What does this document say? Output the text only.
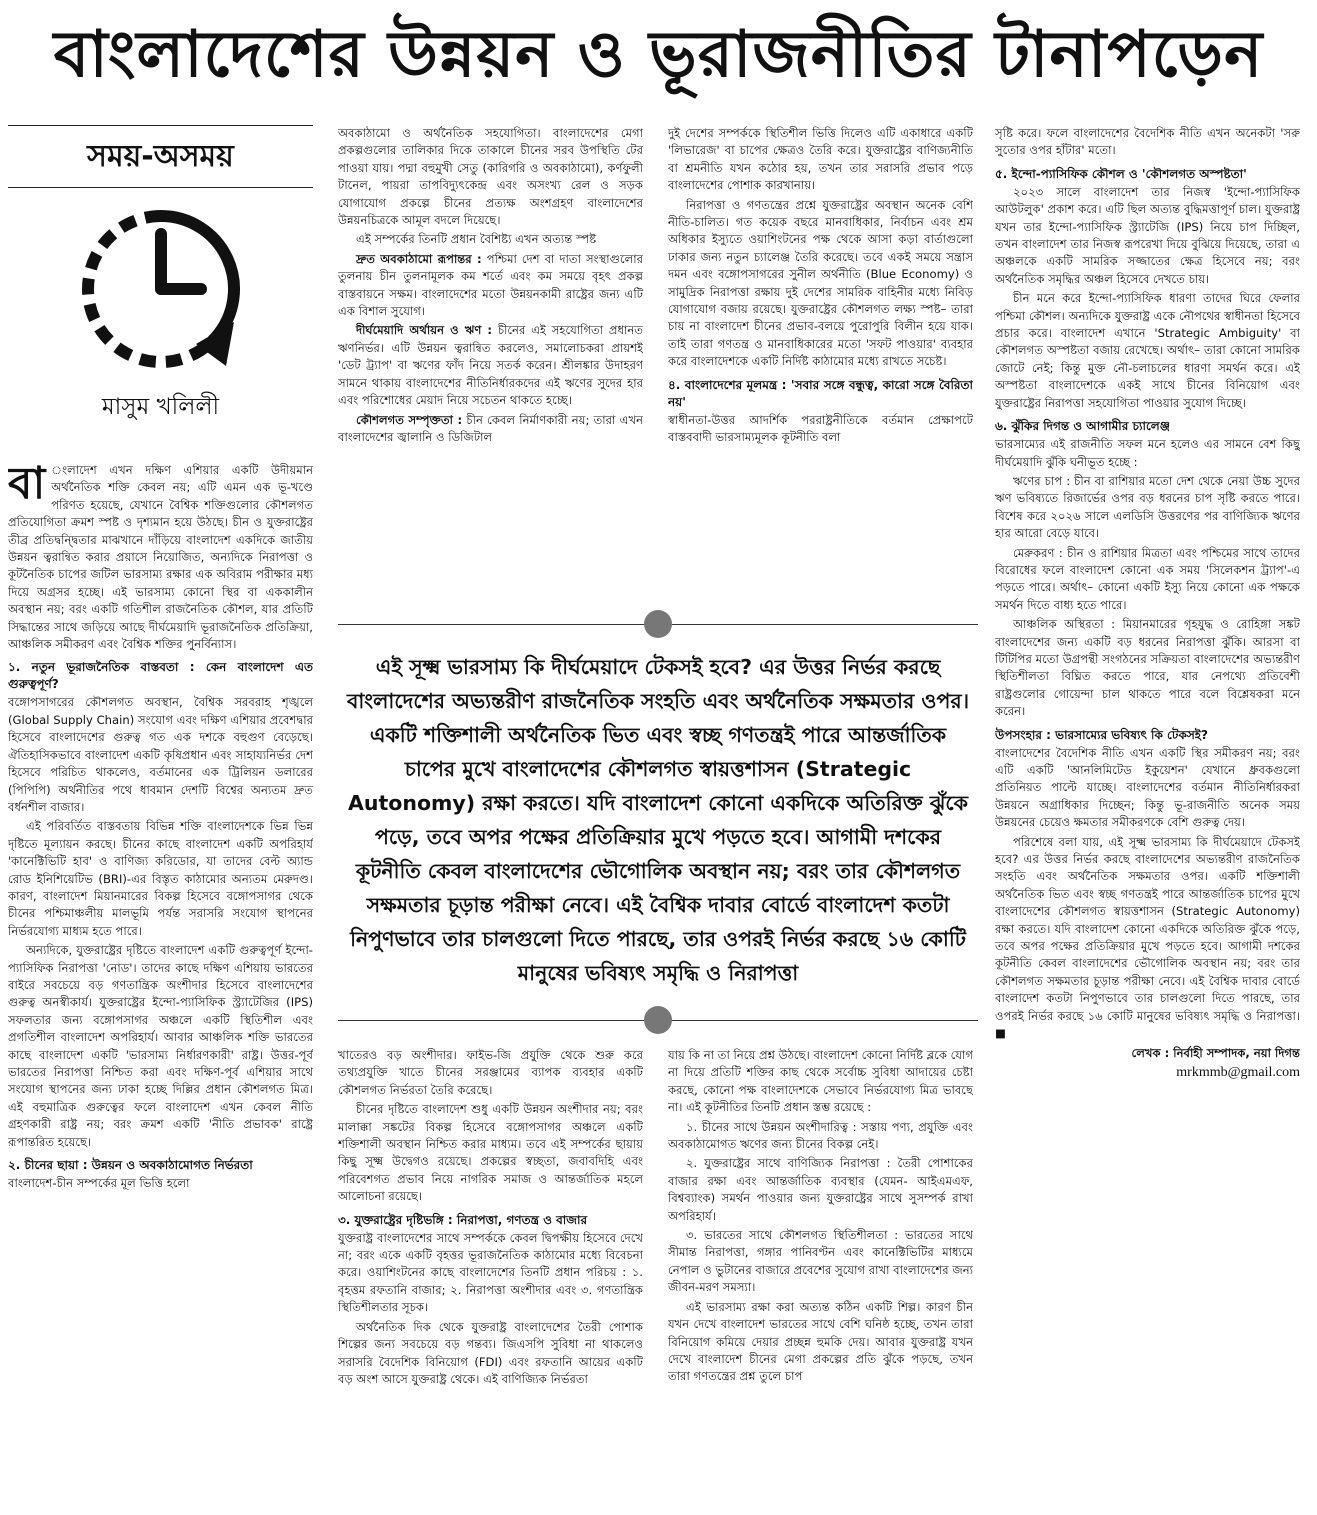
বাংলাদেশের উন্নয়ন ও ভূরাজনীতির টানাপড়েন
সময়-অসময়
মাসুম খলিলী

বা ংলাদেশ এখন দক্ষিণ এশিয়ার একটি উদীয়মান অর্থনৈতিক শক্তি কেবল নয়; এটি এমন এক ভূ-খণ্ডে পরিণত হয়েছে, যেখানে বৈশ্বিক শক্তিগুলোর কৌশলগত প্রতিযোগিতা ক্রমশ স্পষ্ট ও দৃশ্যমান হয়ে উঠছে। চীন ও যুক্তরাষ্ট্রের তীব্র প্রতিদ্বন্দ্বিতার মাঝখানে দাঁড়িয়ে বাংলাদেশ একদিকে জাতীয় উন্নয়ন ত্বরান্বিত করার প্রয়াসে নিয়োজিত, অন্যদিকে নিরাপত্তা ও কূটনৈতিক চাপের জটিল ভারসাম্য রক্ষার এক অবিরাম পরীক্ষার মধ্য দিয়ে অগ্রসর হচ্ছে। এই ভারসাম্য কোনো স্থির বা এককালীন অবস্থান নয়; বরং একটি গতিশীল রাজনৈতিক কৌশল, যার প্রতিটি সিদ্ধান্তের সাথে জড়িয়ে আছে দীর্ঘমেয়াদি ভূরাজনৈতিক প্রতিক্রিয়া, আঞ্চলিক সমীকরণ এবং বৈশ্বিক শক্তির পুনর্বিন্যাস।

১. নতুন ভূরাজনৈতিক বাস্তবতা : কেন বাংলাদেশ এত গুরুত্বপূর্ণ?

বঙ্গোপসাগরের কৌশলগত অবস্থান, বৈশ্বিক সরবরাহ শৃঙ্খলে (Global Supply Chain) সংযোগ এবং দক্ষিণ এশিয়ার প্রবেশদ্বার হিসেবে বাংলাদেশের গুরুত্ব গত এক দশকে বহুগুণ বেড়েছে। ঐতিহাসিকভাবে বাংলাদেশ একটি কৃষিপ্রধান এবং সাহায্যনির্ভর দেশ হিসেবে পরিচিত থাকলেও, বর্তমানের এক ট্রিলিয়ন ডলারের (পিপিপি) অর্থনীতির পথে ধাবমান দেশটি বিশ্বের অন্যতম দ্রুত বর্ধনশীল বাজার।

এই পরিবর্তিত বাস্তবতায় বিভিন্ন শক্তি বাংলাদেশকে ভিন্ন ভিন্ন দৃষ্টিতে মূল্যায়ন করছে। চীনের কাছে বাংলাদেশ একটি অপরিহার্য 'কানেক্টিভিটি হাব' ও বাণিজ্য করিডোর, যা তাদের বেল্ট অ্যান্ড রোড ইনিশিয়েটিভ (BRI)-এর বিস্তৃত কাঠামোর অন্যতম মেরুদণ্ড। কারণ, বাংলাদেশ মিয়ানমারের বিকল্প হিসেবে বঙ্গোপসাগর থেকে চীনের পশ্চিমাঞ্চলীয় মালভূমি পর্যন্ত সরাসরি সংযোগ স্থাপনের নির্ভরযোগ্য মাধ্যম হতে পারে।

অন্যদিকে, যুক্তরাষ্ট্রের দৃষ্টিতে বাংলাদেশ একটি গুরুত্বপূর্ণ ইন্দো-প্যাসিফিক নিরাপত্তা 'নোড'। তাদের কাছে দক্ষিণ এশিয়ায় ভারতের বাইরে সবচেয়ে বড় গণতান্ত্রিক অংশীদার হিসেবে বাংলাদেশের গুরুত্ব অনস্বীকার্য। যুক্তরাষ্ট্রের ইন্দো-প্যাসিফিক স্ট্র্যাটেজির (IPS) সফলতার জন্য বঙ্গোপসাগর অঞ্চলে একটি স্থিতিশীল এবং প্রগতিশীল বাংলাদেশ অপরিহার্য। আবার আঞ্চলিক শক্তি ভারতের কাছে বাংলাদেশ একটি 'ভারসাম্য নির্ধারণকারী' রাষ্ট্র। উত্তর-পূর্ব ভারতের নিরাপত্তা নিশ্চিত করা এবং দক্ষিণ-পূর্ব এশিয়ার সাথে সংযোগ স্থাপনের জন্য ঢাকা হচ্ছে দিল্লির প্রধান কৌশলগত মিত্র। এই বহুমাত্রিক গুরুত্বের ফলে বাংলাদেশ এখন কেবল নীতি গ্রহণকারী রাষ্ট্র নয়; বরং ক্রমশ একটি 'নীতি প্রভাবক' রাষ্ট্রে রূপান্তরিত হয়েছে।

২. চীনের ছায়া : উন্নয়ন ও অবকাঠামোগত নির্ভরতা

বাংলাদেশ-চীন সম্পর্কের মূল ভিত্তি হলো

অবকাঠামো ও অর্থনৈতিক সহযোগিতা। বাংলাদেশের মেগা প্রকল্পগুলোর তালিকার দিকে তাকালে চীনের সরব উপস্থিতি টের পাওয়া যায়। পদ্মা বহুমুখী সেতু (কারিগরি ও অবকাঠামো), কর্ণফুলী টানেল, পায়রা তাপবিদ্যুৎকেন্দ্র এবং অসংখ্য রেল ও সড়ক যোগাযোগ প্রকল্পে চীনের প্রত্যক্ষ অংশগ্রহণ বাংলাদেশের উন্নয়নচিত্রকে আমূল বদলে দিয়েছে।

এই সম্পর্কের তিনটি প্রধান বৈশিষ্ট্য এখন অত্যন্ত স্পষ্ট

দ্রুত অবকাঠামো রূপান্তর : পশ্চিমা দেশ বা দাতা সংস্থাগুলোর তুলনায় চীন তুলনামূলক কম শর্তে এবং কম সময়ে বৃহৎ প্রকল্প বাস্তবায়নে সক্ষম। বাংলাদেশের মতো উন্নয়নকামী রাষ্ট্রের জন্য এটি এক বিশাল সুযোগ।

দীর্ঘমেয়াদি অর্থায়ন ও ঋণ : চীনের এই সহযোগিতা প্রধানত ঋণনির্ভর। এটি উন্নয়ন ত্বরান্বিত করলেও, সমালোচকরা প্রায়শই 'ডেট ট্র্যাপ' বা ঋণের ফাঁদ নিয়ে সতর্ক করেন। শ্রীলঙ্কার উদাহরণ সামনে থাকায় বাংলাদেশের নীতিনির্ধারকদের এই ঋণের সুদের হার এবং পরিশোধের মেয়াদ নিয়ে সচেতন থাকতে হচ্ছে।

কৌশলগত সম্পৃক্ততা : চীন কেবল নির্মাণকারী নয়; তারা এখন বাংলাদেশের জ্বালানি ও ডিজিটাল

দুই দেশের সম্পর্ককে স্থিতিশীল ভিত্তি দিলেও এটি একাধারে একটি 'লিভারেজ' বা চাপের ক্ষেত্রও তৈরি করে। যুক্তরাষ্ট্রের বাণিজ্যনীতি বা শ্রমনীতি যখন কঠোর হয়, তখন তার সরাসরি প্রভাব পড়ে বাংলাদেশের পোশাক কারখানায়।

নিরাপত্তা ও গণতন্ত্রের প্রশ্নে যুক্তরাষ্ট্রের অবস্থান অনেক বেশি নীতি-চালিত। গত কয়েক বছরে মানবাধিকার, নির্বাচন এবং শ্রম অধিকার ইস্যুতে ওয়াশিংটনের পক্ষ থেকে আসা কড়া বার্তাগুলো ঢাকার জন্য নতুন চ্যালেঞ্জ তৈরি করেছে। তবে একই সময়ে সন্ত্রাস দমন এবং বঙ্গোপসাগরের সুনীল অর্থনীতি (Blue Economy) ও সামুদ্রিক নিরাপত্তা রক্ষায় দুই দেশের সামরিক বাহিনীর মধ্যে নিবিড় যোগাযোগ বজায় রয়েছে। যুক্তরাষ্ট্রের কৌশলগত লক্ষ্য স্পষ্ট– তারা চায় না বাংলাদেশ চীনের প্রভাব-বলয়ে পুরোপুরি বিলীন হয়ে যাক। তাই তারা গণতন্ত্র ও মানবাধিকারের মতো 'সফট পাওয়ার' ব্যবহার করে বাংলাদেশকে একটি নির্দিষ্ট কাঠামোর মধ্যে রাখতে সচেষ্ট।

৪. বাংলাদেশের মূলমন্ত্র : 'সবার সঙ্গে বন্ধুত্ব, কারো সঙ্গে বৈরিতা নয়'

স্বাধীনতা-উত্তর আদর্শিক পররাষ্ট্রনীতিকে বর্তমান প্রেক্ষাপটে বাস্তববাদী ভারসাম্যমূলক কূটনীতি বলা

এই সূক্ষ্ম ভারসাম্য কি দীর্ঘমেয়াদে টেকসই হবে? এর উত্তর নির্ভর করছে বাংলাদেশের অভ্যন্তরীণ রাজনৈতিক সংহতি এবং অর্থনৈতিক সক্ষমতার ওপর। একটি শক্তিশালী অর্থনৈতিক ভিত এবং স্বচ্ছ গণতন্ত্রই পারে আন্তর্জাতিক চাপের মুখে বাংলাদেশের কৌশলগত স্বায়ত্তশাসন (Strategic Autonomy) রক্ষা করতে। যদি বাংলাদেশ কোনো একদিকে অতিরিক্ত ঝুঁকে পড়ে, তবে অপর পক্ষের প্রতিক্রিয়ার মুখে পড়তে হবে। আগামী দশকের কূটনীতি কেবল বাংলাদেশের ভৌগোলিক অবস্থান নয়; বরং তার কৌশলগত সক্ষমতার চূড়ান্ত পরীক্ষা নেবে। এই বৈশ্বিক দাবার বোর্ডে বাংলাদেশ কতটা নিপুণভাবে তার চালগুলো দিতে পারছে, তার ওপরই নির্ভর করছে ১৬ কোটি মানুষের ভবিষ্যৎ সমৃদ্ধি ও নিরাপত্তা

খাতেরও বড় অংশীদার। ফাইভ-জি প্রযুক্তি থেকে শুরু করে তথ্যপ্রযুক্তি খাতে চীনের সরঞ্জামের ব্যাপক ব্যবহার একটি কৌশলগত নির্ভরতা তৈরি করেছে।

চীনের দৃষ্টিতে বাংলাদেশ শুধু একটি উন্নয়ন অংশীদার নয়; বরং মালাক্কা সঙ্কটের বিকল্প হিসেবে বঙ্গোপসাগর অঞ্চলে একটি শক্তিশালী অবস্থান নিশ্চিত করার মাধ্যম। তবে এই সম্পর্কের ছায়ায় কিছু সূক্ষ্ম উদ্বেগও রয়েছে। প্রকল্পের স্বচ্ছতা, জবাবদিহি এবং পরিবেশগত প্রভাব নিয়ে নাগরিক সমাজ ও আন্তর্জাতিক মহলে আলোচনা রয়েছে।

৩. যুক্তরাষ্ট্রের দৃষ্টিভঙ্গি : নিরাপত্তা, গণতন্ত্র ও বাজার

যুক্তরাষ্ট্র বাংলাদেশের সাথে সম্পর্ককে কেবল দ্বিপক্ষীয় হিসেবে দেখে না; বরং একে একটি বৃহত্তর ভূরাজনৈতিক কাঠামোর মধ্যে বিবেচনা করে। ওয়াশিংটনের কাছে বাংলাদেশের তিনটি প্রধান পরিচয় : ১. বৃহত্তম রফতানি বাজার; ২. নিরাপত্তা অংশীদার এবং ৩. গণতান্ত্রিক স্থিতিশীলতার সূচক।

অর্থনৈতিক দিক থেকে যুক্তরাষ্ট্র বাংলাদেশের তৈরী পোশাক শিল্পের জন্য সবচেয়ে বড় গন্তব্য। জিএসপি সুবিধা না থাকলেও সরাসরি বৈদেশিক বিনিয়োগ (FDI) এবং রফতানি আয়ের একটি বড় অংশ আসে যুক্তরাষ্ট্র থেকে। এই বাণিজ্যিক নির্ভরতা

যায় কি না তা নিয়ে প্রশ্ন উঠছে। বাংলাদেশ কোনো নির্দিষ্ট ব্লকে যোগ না দিয়ে প্রতিটি শক্তির কাছ থেকে সর্বোচ্চ সুবিধা আদায়ের চেষ্টা করছে, কোনো পক্ষ বাংলাদেশকে সেভাবে নির্ভরযোগ্য মিত্র ভাবছে না। এই কূটনীতির তিনটি প্রধান স্তম্ভ রয়েছে :

১. চীনের সাথে উন্নয়ন অংশীদারিত্ব : সস্তায় পণ্য, প্রযুক্তি এবং অবকাঠামোগত ঋণের জন্য চীনের বিকল্প নেই।

২. যুক্তরাষ্ট্রের সাথে বাণিজ্যিক নিরাপত্তা : তৈরী পোশাকের বাজার রক্ষা এবং আন্তর্জাতিক ব্যবস্থার (যেমন- আইএমএফ, বিশ্বব্যাংক) সমর্থন পাওয়ার জন্য যুক্তরাষ্ট্রের সাথে সুসম্পর্ক রাখা অপরিহার্য।

৩. ভারতের সাথে কৌশলগত স্থিতিশীলতা : ভারতের সাথে সীমান্ত নিরাপত্তা, গঙ্গার পানিবণ্টন এবং কানেক্টিভিটির মাধ্যমে নেপাল ও ভুটানের বাজারে প্রবেশের সুযোগ রাখা বাংলাদেশের জন্য জীবন-মরণ সমস্যা।

এই ভারসাম্য রক্ষা করা অত্যন্ত কঠিন একটি শিল্প। কারণ চীন যখন দেখে বাংলাদেশ ভারতের সাথে বেশি ঘনিষ্ঠ হচ্ছে, তখন তারা বিনিয়োগ কমিয়ে দেয়ার প্রচ্ছন্ন হুমকি দেয়। আবার যুক্তরাষ্ট্র যখন দেখে বাংলাদেশ চীনের মেগা প্রকল্পের প্রতি ঝুঁকে পড়ছে, তখন তারা গণতন্ত্রের প্রশ্ন তুলে চাপ

সৃষ্টি করে। ফলে বাংলাদেশের বৈদেশিক নীতি এখন অনেকটা 'সরু সুতোর ওপর হাঁটার' মতো।

৫. ইন্দো-প্যাসিফিক কৌশল ও 'কৌশলগত অস্পষ্টতা'

২০২৩ সালে বাংলাদেশ তার নিজস্ব 'ইন্দো-প্যাসিফিক আউটলুক' প্রকাশ করে। এটি ছিল অত্যন্ত বুদ্ধিমত্তাপূর্ণ চাল। যুক্তরাষ্ট্র যখন তার ইন্দো-প্যাসিফিক স্ট্র্যাটেজি (IPS) নিয়ে চাপ দিচ্ছিল, তখন বাংলাদেশ তার নিজস্ব রূপরেখা দিয়ে বুঝিয়ে দিয়েছে, তারা এ অঞ্চলকে একটি সামরিক সজ্জাতের ক্ষেত্র হিসেবে নয়; বরং অর্থনৈতিক সমৃদ্ধির অঞ্চল হিসেবে দেখতে চায়।

চীন মনে করে ইন্দো-প্যাসিফিক ধারণা তাদের ঘিরে ফেলার পশ্চিমা কৌশল। অন্যদিকে যুক্তরাষ্ট্র একে নৌপথের স্বাধীনতা হিসেবে প্রচার করে। বাংলাদেশ এখানে 'Strategic Ambiguity' বা কৌশলগত অস্পষ্টতা বজায় রেখেছে। অর্থাৎ– তারা কোনো সামরিক জোটে নেই; কিন্তু মুক্ত নৌ-চলাচলের ধারণা সমর্থন করে। এই অস্পষ্টতা বাংলাদেশকে একই সাথে চীনের বিনিয়োগ এবং যুক্তরাষ্ট্রের নিরাপত্তা সহযোগিতা পাওয়ার সুযোগ দিচ্ছে।

৬. ঝুঁকির দিগন্ত ও আগামীর চ্যালেঞ্জ

ভারসাম্যের এই রাজনীতি সফল মনে হলেও এর সামনে বেশ কিছু দীর্ঘমেয়াদি ঝুঁকি ঘনীভূত হচ্ছে :

ঋণের চাপ : চীন বা রাশিয়ার মতো দেশ থেকে নেয়া উচ্চ সুদের ঋণ ভবিষ্যতে রিজার্ভের ওপর বড় ধরনের চাপ সৃষ্টি করতে পারে। বিশেষ করে ২০২৬ সালে এলডিসি উত্তরণের পর বাণিজ্যিক ঋণের হার আরো বেড়ে যাবে।

মেরুকরণ : চীন ও রাশিয়ার মিত্রতা এবং পশ্চিমের সাথে তাদের বিরোধের ফলে বাংলাদেশ কোনো এক সময় 'সিলেকশন ট্র্যাপ'-এ পড়তে পারে। অর্থাৎ– কোনো একটি ইস্যু নিয়ে কোনো এক পক্ষকে সমর্থন দিতে বাধ্য হতে পারে।

আঞ্চলিক অস্থিরতা : মিয়ানমারের গৃহযুদ্ধ ও রোহিঙ্গা সঙ্কট বাংলাদেশের জন্য একটি বড় ধরনের নিরাপত্তা ঝুঁকি। আরসা বা টিটিপির মতো উগ্রপন্থী সংগঠনের সক্রিয়তা বাংলাদেশের অভ্যন্তরীণ স্থিতিশীলতা বিঘ্নিত করতে পারে, যার নেপথ্যে প্রতিবেশী রাষ্ট্রগুলোর গোয়েন্দা চাল থাকতে পারে বলে বিশ্লেষকরা মনে করেন।

উপসংহার : ভারসাম্যের ভবিষ্যৎ কি টেকসই?

বাংলাদেশের বৈদেশিক নীতি এখন একটি স্থির সমীকরণ নয়; বরং এটি একটি 'আনলিমিটেড ইকুয়েশন' যেখানে ধ্রুবকগুলো প্রতিনিয়ত পাল্টে যাচ্ছে। বাংলাদেশের বর্তমান নীতিনির্ধারকরা উন্নয়নে অগ্রাধিকার দিচ্ছেন; কিন্তু ভূ-রাজনীতি অনেক সময় উন্নয়নের চেয়েও ক্ষমতার সমীকরণকে বেশি গুরুত্ব দেয়।

পরিশেষে বলা যায়, এই সূক্ষ্ম ভারসাম্য কি দীর্ঘমেয়াদে টেকসই হবে? এর উত্তর নির্ভর করছে বাংলাদেশের অভ্যন্তরীণ রাজনৈতিক সংহতি এবং অর্থনৈতিক সক্ষমতার ওপর। একটি শক্তিশালী অর্থনৈতিক ভিত এবং স্বচ্ছ গণতন্ত্রই পারে আন্তর্জাতিক চাপের মুখে বাংলাদেশের কৌশলগত স্বায়ত্তশাসন (Strategic Autonomy) রক্ষা করতে। যদি বাংলাদেশ কোনো একদিকে অতিরিক্ত ঝুঁকে পড়ে, তবে অপর পক্ষের প্রতিক্রিয়ার মুখে পড়তে হবে। আগামী দশকের কূটনীতি কেবল বাংলাদেশের ভৌগোলিক অবস্থান নয়; বরং তার কৌশলগত সক্ষমতার চূড়ান্ত পরীক্ষা নেবে। এই বৈশ্বিক দাবার বোর্ডে বাংলাদেশ কতটা নিপুণভাবে তার চালগুলো দিতে পারছে, তার ওপরই নির্ভর করছে ১৬ কোটি মানুষের ভবিষ্যৎ সমৃদ্ধি ও নিরাপত্তা। ■

লেখক : নির্বাহী সম্পাদক, নয়া দিগন্ত

mrkmmb@gmail.com
